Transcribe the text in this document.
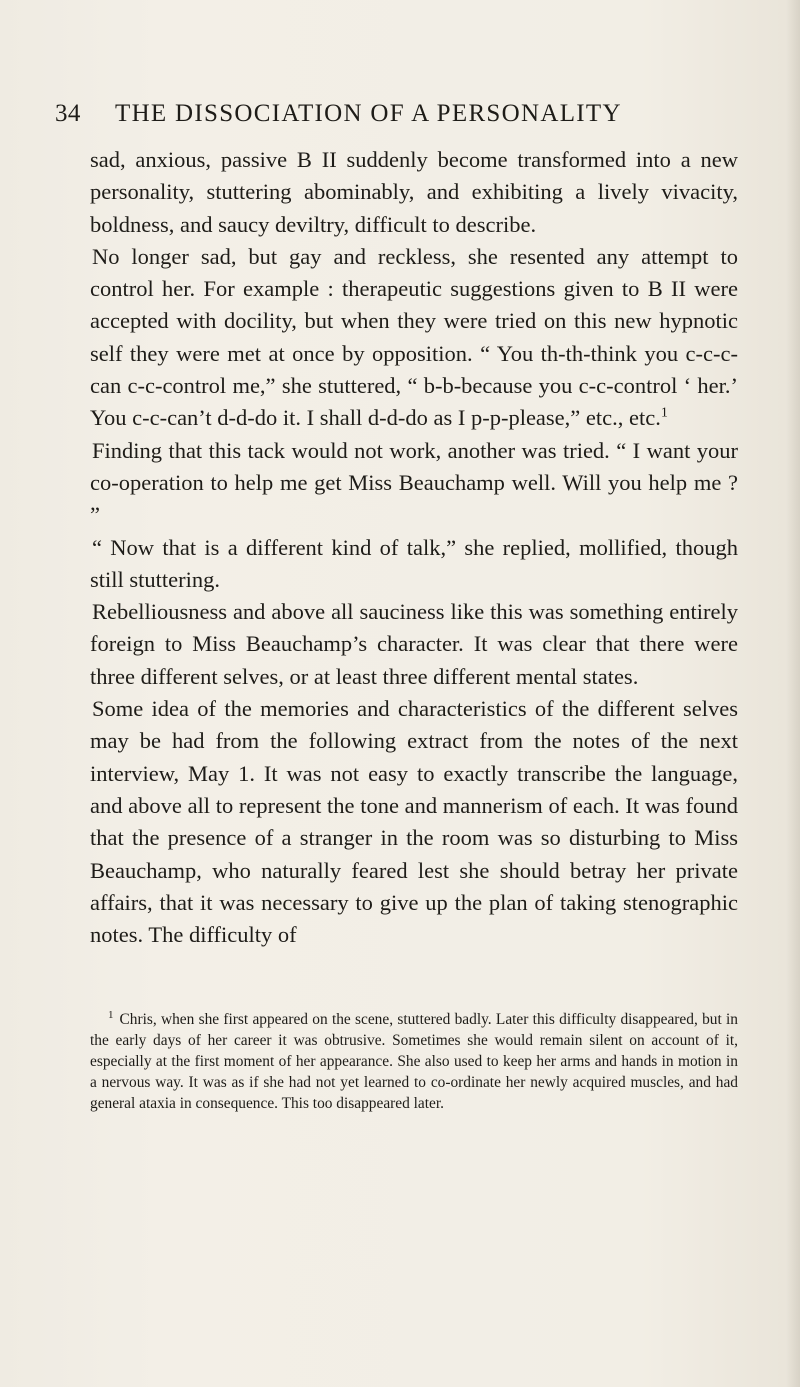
34 THE DISSOCIATION OF A PERSONALITY

sad, anxious, passive B II suddenly become transformed into a new personality, stuttering abominably, and exhibiting a lively vivacity, boldness, and saucy deviltry, difficult to describe.

No longer sad, but gay and reckless, she resented any attempt to control her. For example : therapeutic suggestions given to B II were accepted with docility, but when they were tried on this new hypnotic self they were met at once by opposition. “ You th-th-think you c-c-c-can c-c-control me,” she stuttered, “ b-b-because you c-c-control ‘ her.’ You c-c-can’t d-d-do it. I shall d-d-do as I p-p-please,” etc., etc.$^1$

Finding that this tack would not work, another was tried. “ I want your co-operation to help me get Miss Beauchamp well. Will you help me ? ”

“ Now that is a different kind of talk,” she replied, mollified, though still stuttering.

Rebelliousness and above all sauciness like this was something entirely foreign to Miss Beauchamp’s character. It was clear that there were three different selves, or at least three different mental states.

Some idea of the memories and characteristics of the different selves may be had from the following extract from the notes of the next interview, May 1. It was not easy to exactly transcribe the language, and above all to represent the tone and mannerism of each. It was found that the presence of a stranger in the room was so disturbing to Miss Beauchamp, who naturally feared lest she should betray her private affairs, that it was necessary to give up the plan of taking stenographic notes. The difficulty of

$^1$ Chris, when she first appeared on the scene, stuttered badly. Later this difficulty disappeared, but in the early days of her career it was obtrusive. Sometimes she would remain silent on account of it, especially at the first moment of her appearance. She also used to keep her arms and hands in motion in a nervous way. It was as if she had not yet learned to co-ordinate her newly acquired muscles, and had general ataxia in consequence. This too disappeared later.
